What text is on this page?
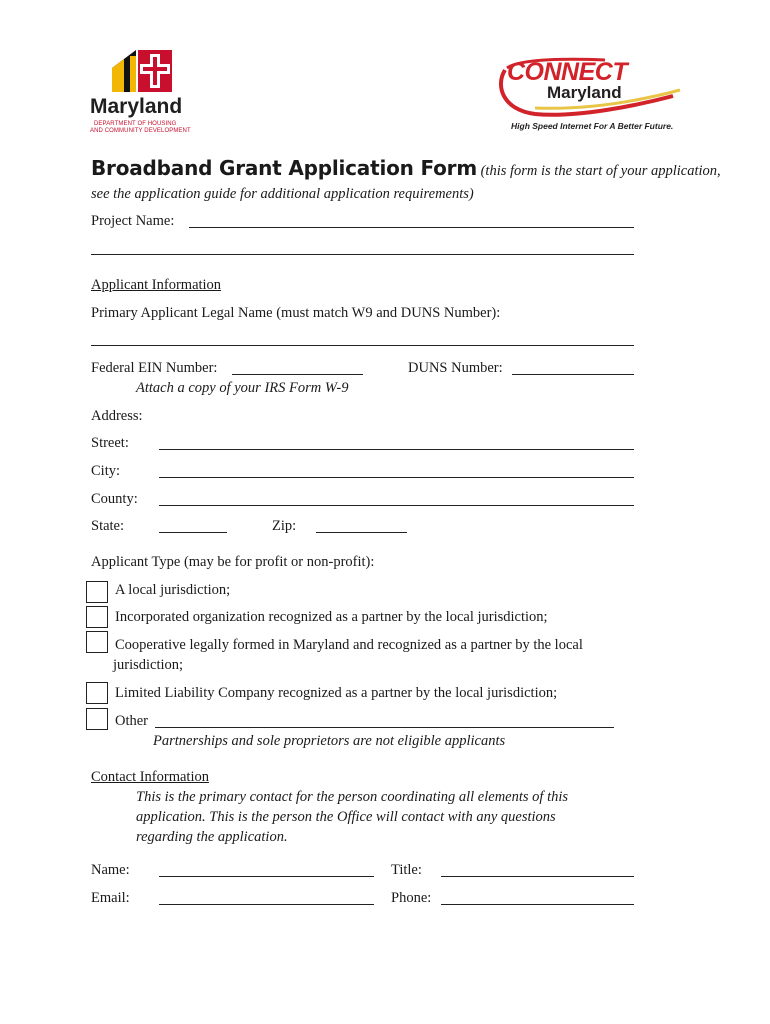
Maryland
DEPARTMENT OF HOUSING
AND COMMUNITY DEVELOPMENT
CONNECT
Maryland
High Speed Internet For A Better Future.
Broadband Grant Application Form (this form is the start of your application,
see the application guide for additional application requirements)
Project Name:
Applicant Information
Primary Applicant Legal Name (must match W9 and DUNS Number):
Federal EIN Number:	DUNS Number:
Attach a copy of your IRS Form W-9
Address:
Street:
City:
County:
State:	Zip:
Applicant Type (may be for profit or non-profit):
A local jurisdiction;
Incorporated organization recognized as a partner by the local jurisdiction;
Cooperative legally formed in Maryland and recognized as a partner by the local
jurisdiction;
Limited Liability Company recognized as a partner by the local jurisdiction;
Other
Partnerships and sole proprietors are not eligible applicants
Contact Information
This is the primary contact for the person coordinating all elements of this
application. This is the person the Office will contact with any questions
regarding the application.
Name:	Title:
Email:	Phone:
